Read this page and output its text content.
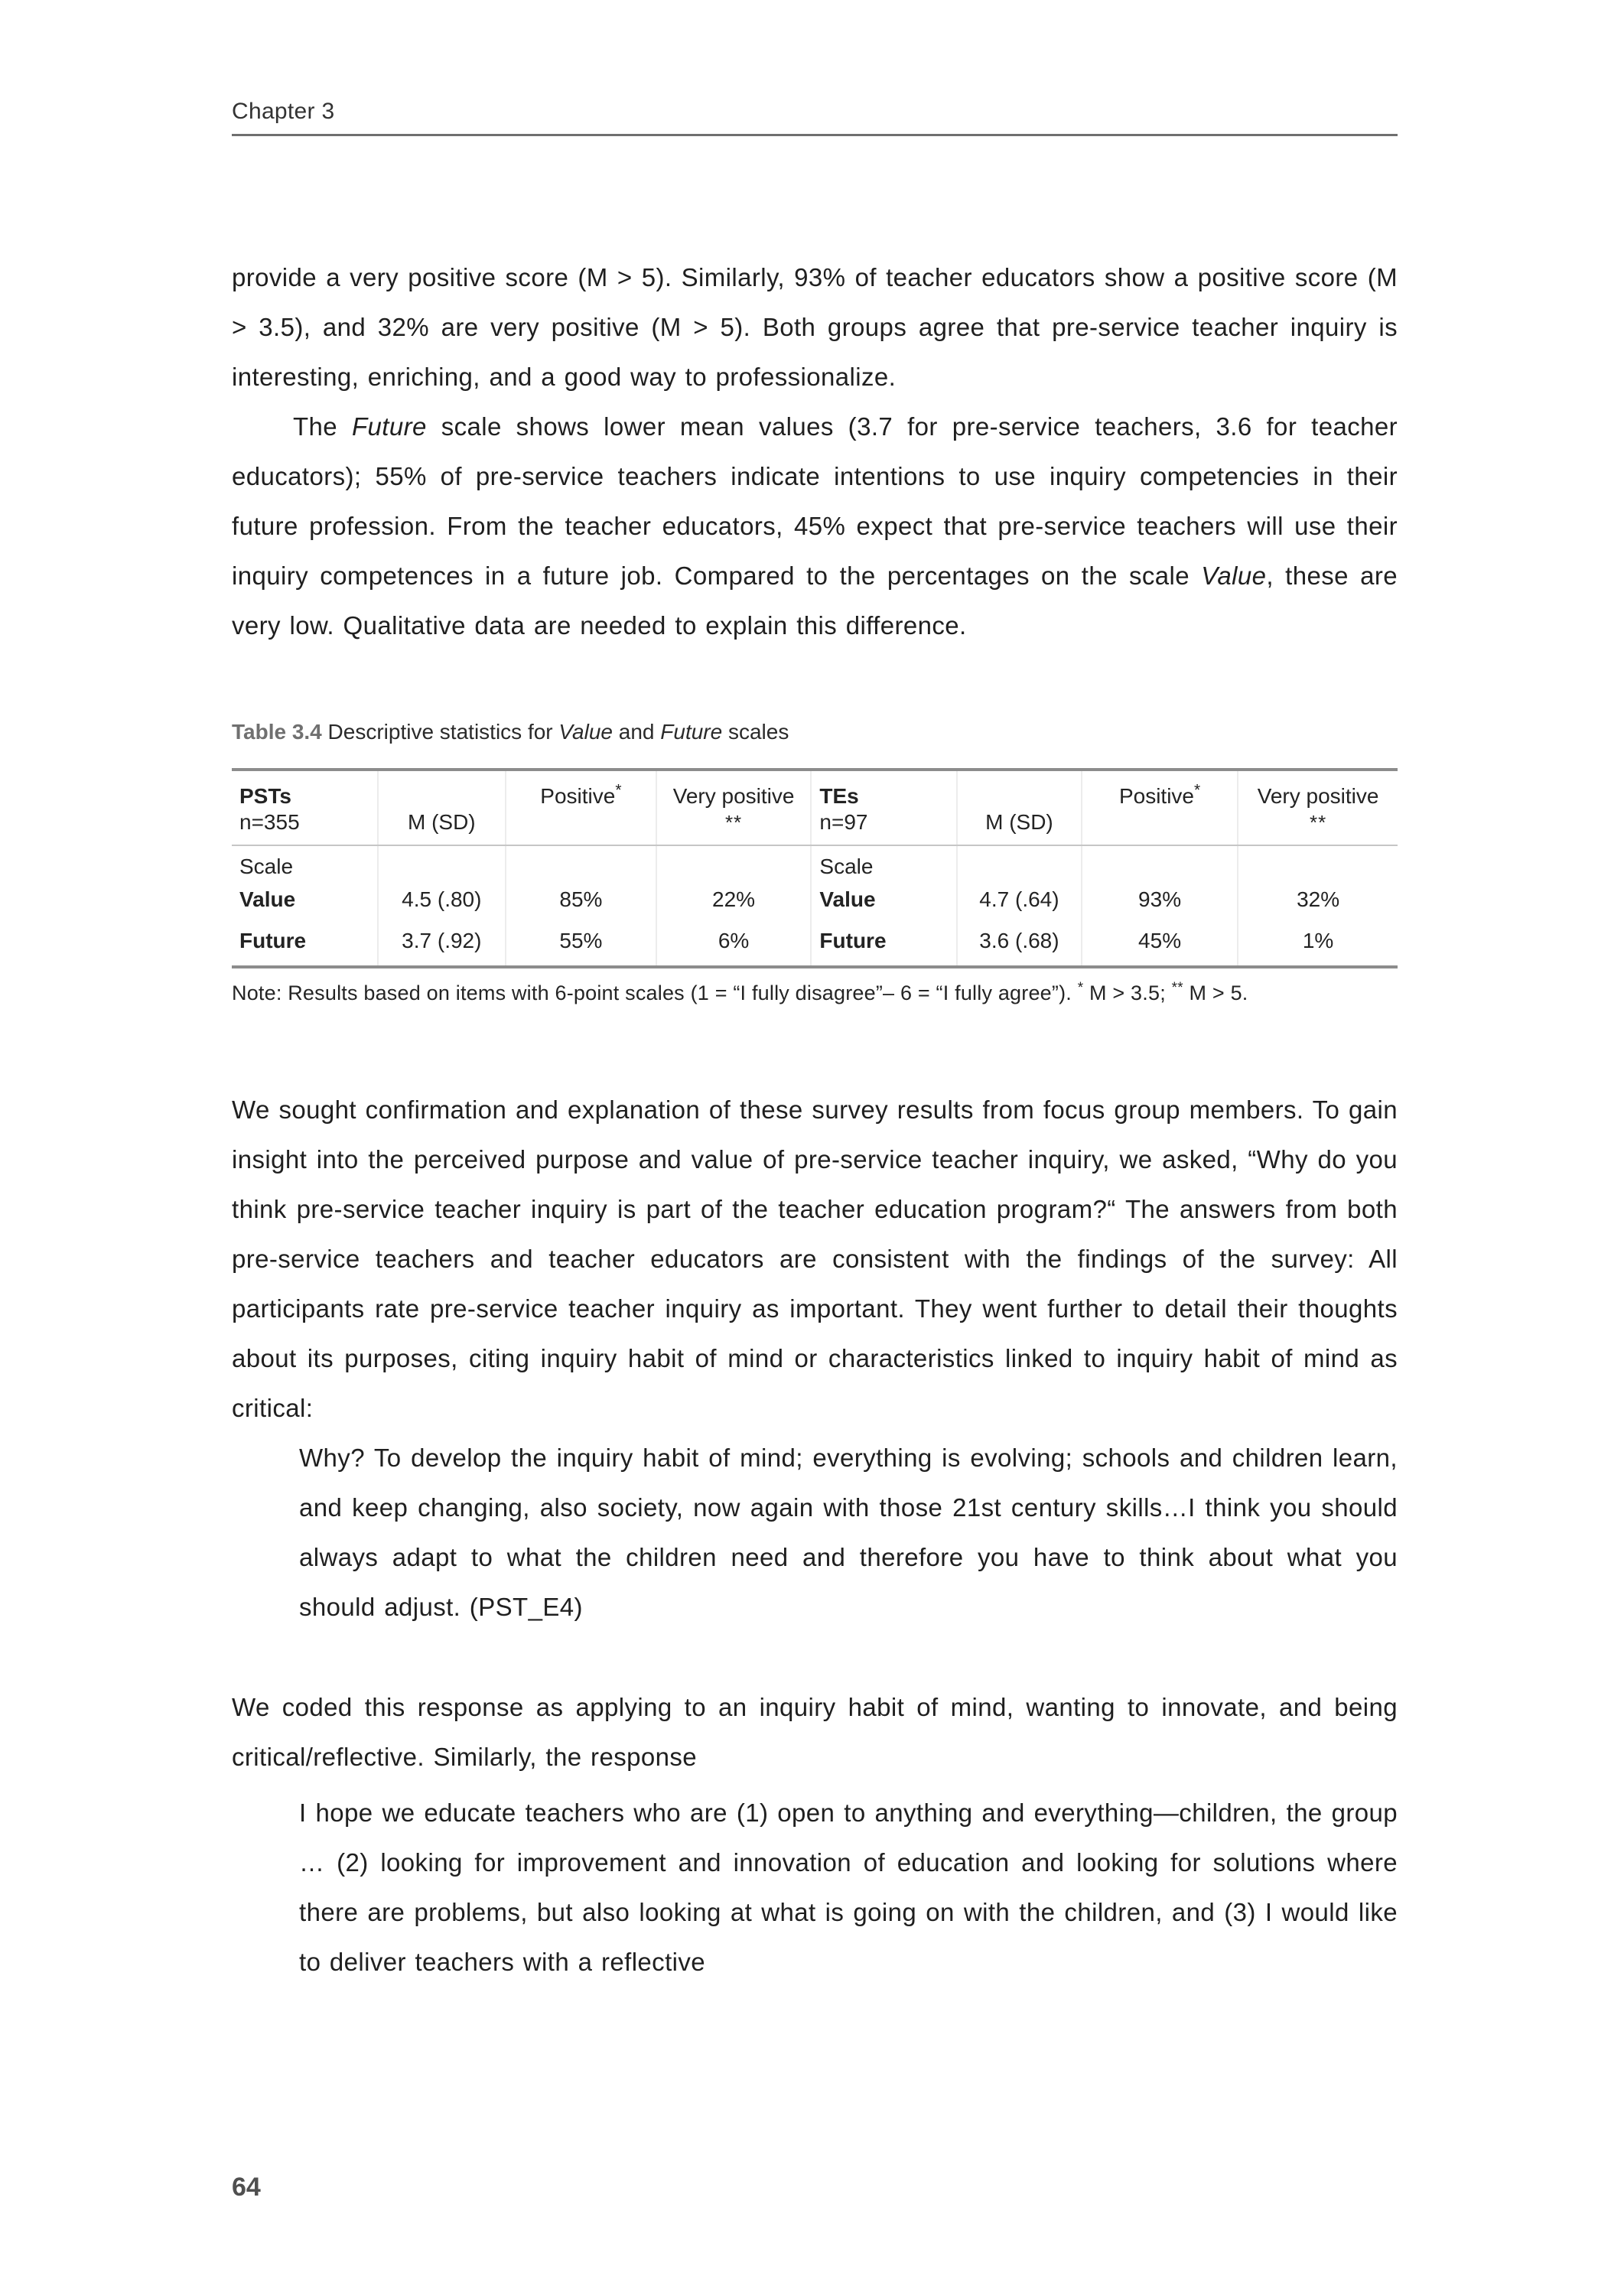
Chapter 3

provide a very positive score (M > 5). Similarly, 93% of teacher educators show a positive score (M > 3.5), and 32% are very positive (M > 5). Both groups agree that pre-service teacher inquiry is interesting, enriching, and a good way to professionalize.

The Future scale shows lower mean values (3.7 for pre-service teachers, 3.6 for teacher educators); 55% of pre-service teachers indicate intentions to use inquiry competencies in their future profession. From the teacher educators, 45% expect that pre-service teachers will use their inquiry competences in a future job. Compared to the percentages on the scale Value, these are very low. Qualitative data are needed to explain this difference.

Table 3.4 Descriptive statistics for Value and Future scales

PSTs		Positive*	Very positive	TEs		Positive*	Very positive
n=355	M (SD)		**	n=97	M (SD)		**
Scale				Scale			
Value	4.5 (.80)	85%	22%	Value	4.7 (.64)	93%	32%
Future	3.7 (.92)	55%	6%	Future	3.6 (.68)	45%	1%

Note: Results based on items with 6-point scales (1 = “I fully disagree”– 6 = “I fully agree”). * M > 3.5; ** M > 5.

We sought confirmation and explanation of these survey results from focus group members. To gain insight into the perceived purpose and value of pre-service teacher inquiry, we asked, “Why do you think pre-service teacher inquiry is part of the teacher education program?“ The answers from both pre-service teachers and teacher educators are consistent with the findings of the survey: All participants rate pre-service teacher inquiry as important. They went further to detail their thoughts about its purposes, citing inquiry habit of mind or characteristics linked to inquiry habit of mind as critical:

Why? To develop the inquiry habit of mind; everything is evolving; schools and children learn, and keep changing, also society, now again with those 21st century skills…I think you should always adapt to what the children need and therefore you have to think about what you should adjust. (PST_E4)

We coded this response as applying to an inquiry habit of mind, wanting to innovate, and being critical/reflective. Similarly, the response

I hope we educate teachers who are (1) open to anything and everything—children, the group … (2) looking for improvement and innovation of education and looking for solutions where there are problems, but also looking at what is going on with the children, and (3) I would like to deliver teachers with a reflective

64
